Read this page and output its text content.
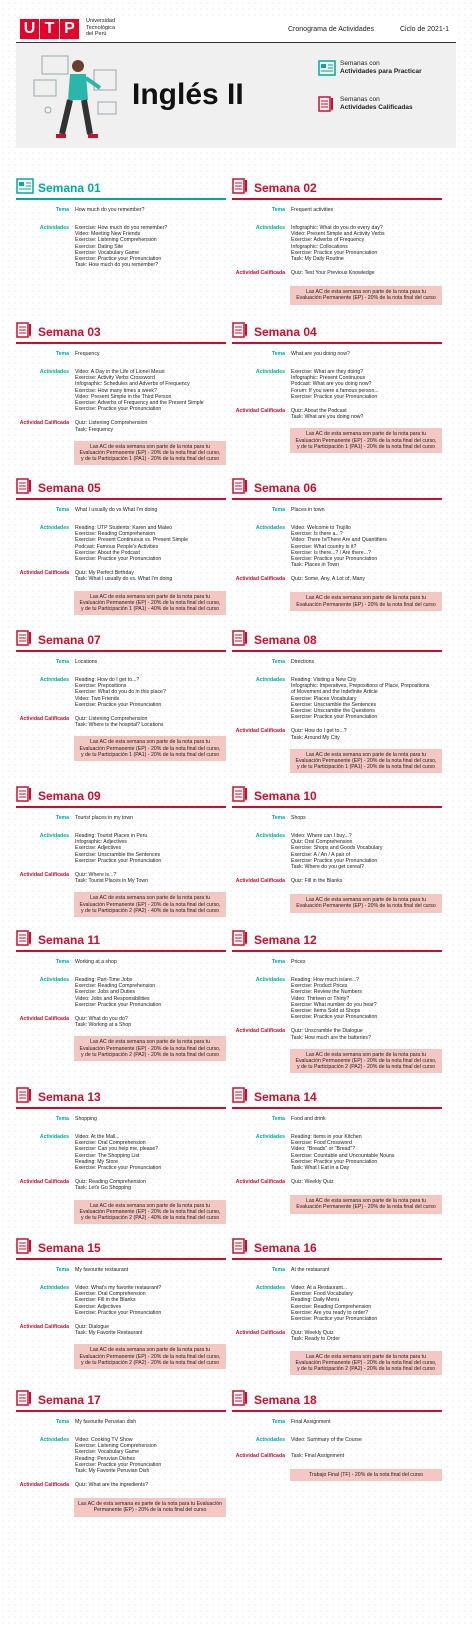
U T P	Universidad
Tecnológica
del Perú
Cronograma de Actividades	Ciclo de 2021-1
Inglés II
Semanas con
Actividades para Practicar
Semanas con
Actividades Calificadas
Semana 01
Tema How much do you remember?
Actividades Exercise: How much do you remember?
Video: Meeting New Friends
Exercise: Listening Comprehension
Exercise: Dating Site
Exercise: Vocabulary Game
Exercise: Practice your Pronunciation
Task: How much do you remember?
Semana 02
Tema Frequent activities
Actividades Infographic: What do you do every day?
Video: Present Simple and Activity Verbs
Exercise: Adverbs of Frequency
Infographic: Collocations
Exercise: Practice your Pronunciation
Task: My Daily Routine
Actividad Calificada Quiz: Test Your Previous Knowledge
Las AC de esta semana son parte de la nota para tu Evaluación Permanente (EP) - 20% de la nota final del curso
Semana 03
Tema Frequency
Actividades Video: A Day in the Life of Lionel Messi
Exercise: Activity Verbs Crossword
Infographic: Schedules and Adverbs of Frequency
Exercise: How many times a week?
Video: Present Simple in the Third Person
Exercise: Adverbs of Frequency and the Present Simple
Exercise: Practice your Pronunciation
Actividad Calificada Quiz: Listening Comprehension
Task: Frequency
Las AC de esta semana son parte de la nota para tu Evaluación Permanente (EP) - 20% de la nota final del curso, y de tu Participación 1 (PA1) - 20% de la nota final del curso
Semana 04
Tema What are you doing now?
Actividades Exercise: What are they doing?
Infographic: Present Continuous
Podcast: What are you doing now?
Forum: If you were a famous person...
Exercise: Practice your Pronunciation
Actividad Calificada Quiz: About the Podcast
Task: What are you doing now?
Las AC de esta semana son parte de la nota para tu Evaluación Permanente (EP) - 20% de la nota final del curso, y de tu Participación 1 (PA1) - 20% de la nota final del curso
Semana 05
Tema What I usually do vs What I'm doing
Actividades Reading: UTP Students: Karen and Mateo
Exercise: Reading Comprehension
Exercise: Present Continuous vs. Present Simple
Podcast: Famous People's Activities
Exercise: About the Podcast
Exercise: Practice your Pronunciation
Actividad Calificada Quiz: My Perfect Birthday
Task: What I usually do vs. What I'm doing
Las AC de esta semana son parte de la nota para tu Evaluación Permanente (EP) - 20% de la nota final del curso, y de tu Participación 1 (PA1) - 40% de la nota final del curso
Semana 06
Tema Places in town
Actividades Video: Welcome to Trujillo
Exercise: Is there a...?
Video: There Is/There Are and Quantifiers
Exercise: What country is it?
Exercise: Is there...? / Are there...?
Exercise: Practice your Pronunciation
Task: Places in Town
Actividad Calificada Quiz: Some, Any, A Lot of, Many
Las AC de esta semana son parte de la nota para tu Evaluación Permanente (EP) - 20% de la nota final del curso
Semana 07
Tema Locations
Actividades Reading: How do I get to...?
Exercise: Prepositions
Exercise: What do you do in this place?
Video: Two Friends
Exercise: Practice your Pronunciation
Actividad Calificada Quiz: Listening Comprehension
Task: Where is the hospital? Locations
Las AC de esta semana son parte de la nota para tu Evaluación Permanente (EP) - 20% de la nota final del curso, y de tu Participación 1 (PA1) - 20% de la nota final del curso
Semana 08
Tema Directions
Actividades Reading: Visiting a New City
Infographic: Imperatives, Prepositions of Place, Prepositions
of Movement and the Indefinite Article
Exercise: Places Vocabulary
Exercise: Unscramble the Sentences
Exercise: Unscramble the Questions
Exercise: Practice your Pronunciation
Actividad Calificada Quiz: How do I get to...?
Task: Around My City
Las AC de esta semana son parte de la nota para tu Evaluación Permanente (EP) - 20% de la nota final del curso, y de tu Participación 1 (PA1) - 20% de la nota final del curso
Semana 09
Tema Tourist places in my town
Actividades Reading: Tourist Places in Peru
Infographic: Adjectives
Exercise: Adjectives
Exercise: Unscramble the Sentences
Exercise: Practice your Pronunciation
Actividad Calificada Quiz: Where is...?
Task: Tourist Places in My Town
Las AC de esta semana son parte de la nota para tu Evaluación Permanente (EP) - 20% de la nota final del curso, y de tu Participación 2 (PA2) - 40% de la nota final del curso
Semana 10
Tema Shops
Actividades Video: Where can I buy...?
Quiz: Oral Comprehension
Exercise: Shops and Goods Vocabulary
Exercise: A / An / A pair of
Exercise: Practice your Pronunciation
Task: Where do you get cereal?
Actividad Calificada Quiz: Fill in the Blanks
Las AC de esta semana son parte de la nota para tu Evaluación Permanente (EP) - 20% de la nota final del curso
Semana 11
Tema Working at a shop
Actividades Reading: Part-Time Jobs
Exercise: Reading Comprehension
Exercise: Jobs and Duties
Video: Jobs and Responsibilities
Exercise: Practice your Pronunciation
Actividad Calificada Quiz: What do you do?
Task: Working at a Shop
Las AC de esta semana son parte de la nota para tu Evaluación Permanente (EP) - 20% de la nota final del curso, y de tu Participación 2 (PA2) - 20% de la nota final del curso
Semana 12
Tema Prices
Actividades Reading: How much is/are...?
Exercise: Product Prices
Exercise: Review the Numbers
Video: Thirteen or Thirty?
Exercise: What number do you hear?
Exercise: Items Sold at Shops
Exercise: Practice your Pronunciation
Actividad Calificada Quiz: Unscramble the Dialogue
Task: How much are the batteries?
Las AC de esta semana son parte de la nota para tu Evaluación Permanente (EP) - 20% de la nota final del curso, y de tu Participación 2 (PA2) - 20% de la nota final del curso
Semana 13
Tema Shopping
Actividades Video: At the Mall...
Exercise: Oral Comprehension
Exercise: Can you help me, please?
Exercise: The Shopping List
Reading: My Store
Exercise: Practice your Pronunciation
Actividad Calificada Quiz: Reading Comprehension
Task: Let's Go Shopping
Las AC de esta semana son parte de la nota para tu Evaluación Permanente (EP) - 20% de la nota final del curso, y de tu Participación 2 (PA2) - 40% de la nota final del curso
Semana 14
Tema Food and drink
Actividades Reading: Items in your Kitchen
Exercise: Food Crossword
Video: "Breads" or "Bread"?
Exercise: Countable and Uncountable Nouns
Exercise: Practice your Pronunciation
Task: What I Eat in a Day
Actividad Calificada Quiz: Weekly Quiz
Las AC de esta semana son parte de la nota para tu Evaluación Permanente (EP) - 20% de la nota final del curso
Semana 15
Tema My favourite restaurant
Actividades Video: What's my favorite restaurant?
Exercise: Oral Comprehension
Exercise: Fill in the Blanks
Exercise: Adjectives
Exercise: Practice your Pronunciation
Actividad Calificada Quiz: Dialogue
Task: My Favorite Restaurant
Las AC de esta semana son parte de la nota para tu Evaluación Permanente (EP) - 20% de la nota final del curso, y de tu Participación 2 (PA2) - 20% de la nota final del curso
Semana 16
Tema At the restaurant
Actividades Video: At a Restaurant...
Exercise: Food Vocabulary
Reading: Daily Menu
Exercise: Reading Comprehension
Exercise: Are you ready to order?
Exercise: Practice your Pronunciation
Actividad Calificada Quiz: Weekly Quiz
Task: Ready to Order
Las AC de esta semana son parte de la nota para tu Evaluación Permanente (EP) - 20% de la nota final del curso, y de tu Participación 2 (PA2) - 20% de la nota final del curso
Semana 17
Tema My favourite Peruvian dish
Actividades Video: Cooking TV Show
Exercise: Listening Comprehension
Exercise: Vocabulary Game
Reading: Peruvian Dishes
Exercise: Practice your Pronunciation
Task: My Favorite Peruvian Dish
Actividad Calificada Quiz: What are the ingredients?
Las AC de esta semana es parte de la nota para tu Evaluación Permanente (EP) - 20% de la nota final del curso
Semana 18
Tema Final Assignment
Actividades Video: Summary of the Course
Actividad Calificada Task: Final Assignment
Trabajo Final (TF) - 20% de la nota final del curso
